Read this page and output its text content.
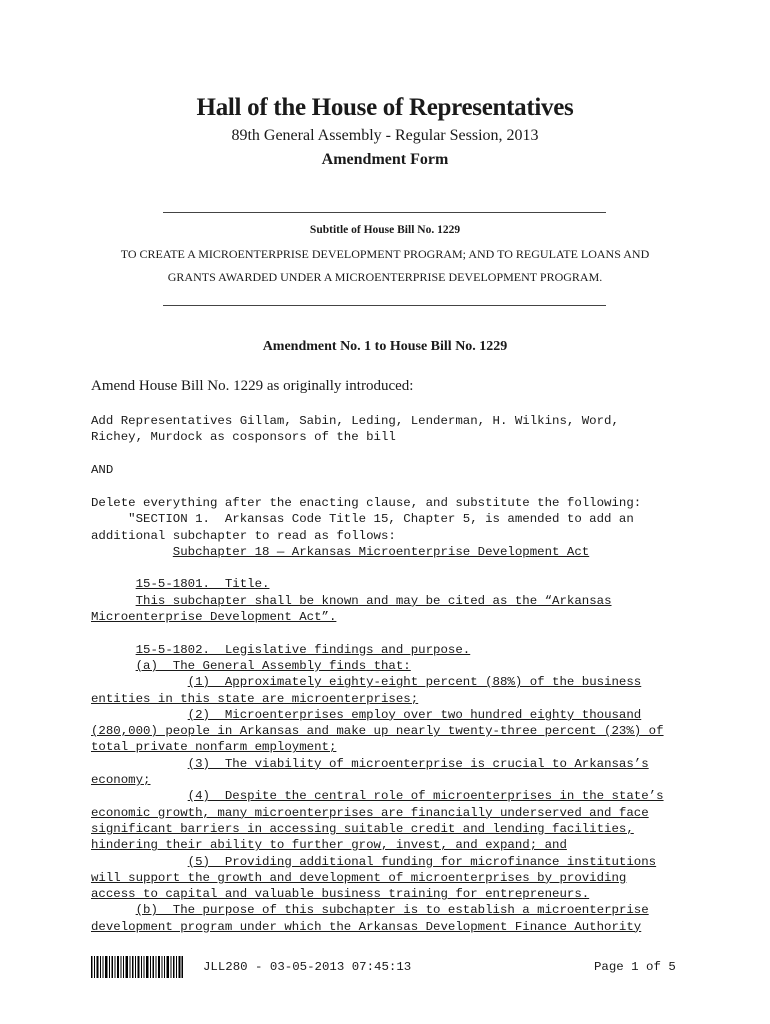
Hall of the House of Representatives
89th General Assembly - Regular Session, 2013
Amendment Form
Subtitle of House Bill No. 1229
TO CREATE A MICROENTERPRISE DEVELOPMENT PROGRAM; AND TO REGULATE LOANS AND
GRANTS AWARDED UNDER A MICROENTERPRISE DEVELOPMENT PROGRAM.
Amendment No. 1 to House Bill No. 1229
Amend House Bill No. 1229 as originally introduced:
Add Representatives Gillam, Sabin, Leding, Lenderman, H. Wilkins, Word,
Richey, Murdock as cosponsors of the bill
AND
Delete everything after the enacting clause, and substitute the following:
"SECTION 1.  Arkansas Code Title 15, Chapter 5, is amended to add an
additional subchapter to read as follows:
Subchapter 18 — Arkansas Microenterprise Development Act

15-5-1801.  Title.
This subchapter shall be known and may be cited as the “Arkansas
Microenterprise Development Act”.

15-5-1802.  Legislative findings and purpose.
(a)  The General Assembly finds that:
(1)  Approximately eighty-eight percent (88%) of the business
entities in this state are microenterprises;
(2)  Microenterprises employ over two hundred eighty thousand
(280,000) people in Arkansas and make up nearly twenty-three percent (23%) of
total private nonfarm employment;
(3)  The viability of microenterprise is crucial to Arkansas’s
economy;
(4)  Despite the central role of microenterprises in the state’s
economic growth, many microenterprises are financially underserved and face
significant barriers in accessing suitable credit and lending facilities,
hindering their ability to further grow, invest, and expand; and
(5)  Providing additional funding for microfinance institutions
will support the growth and development of microenterprises by providing
access to capital and valuable business training for entrepreneurs.
(b)  The purpose of this subchapter is to establish a microenterprise
development program under which the Arkansas Development Finance Authority

JLL280 - 03-05-2013 07:45:13	Page 1 of 5
